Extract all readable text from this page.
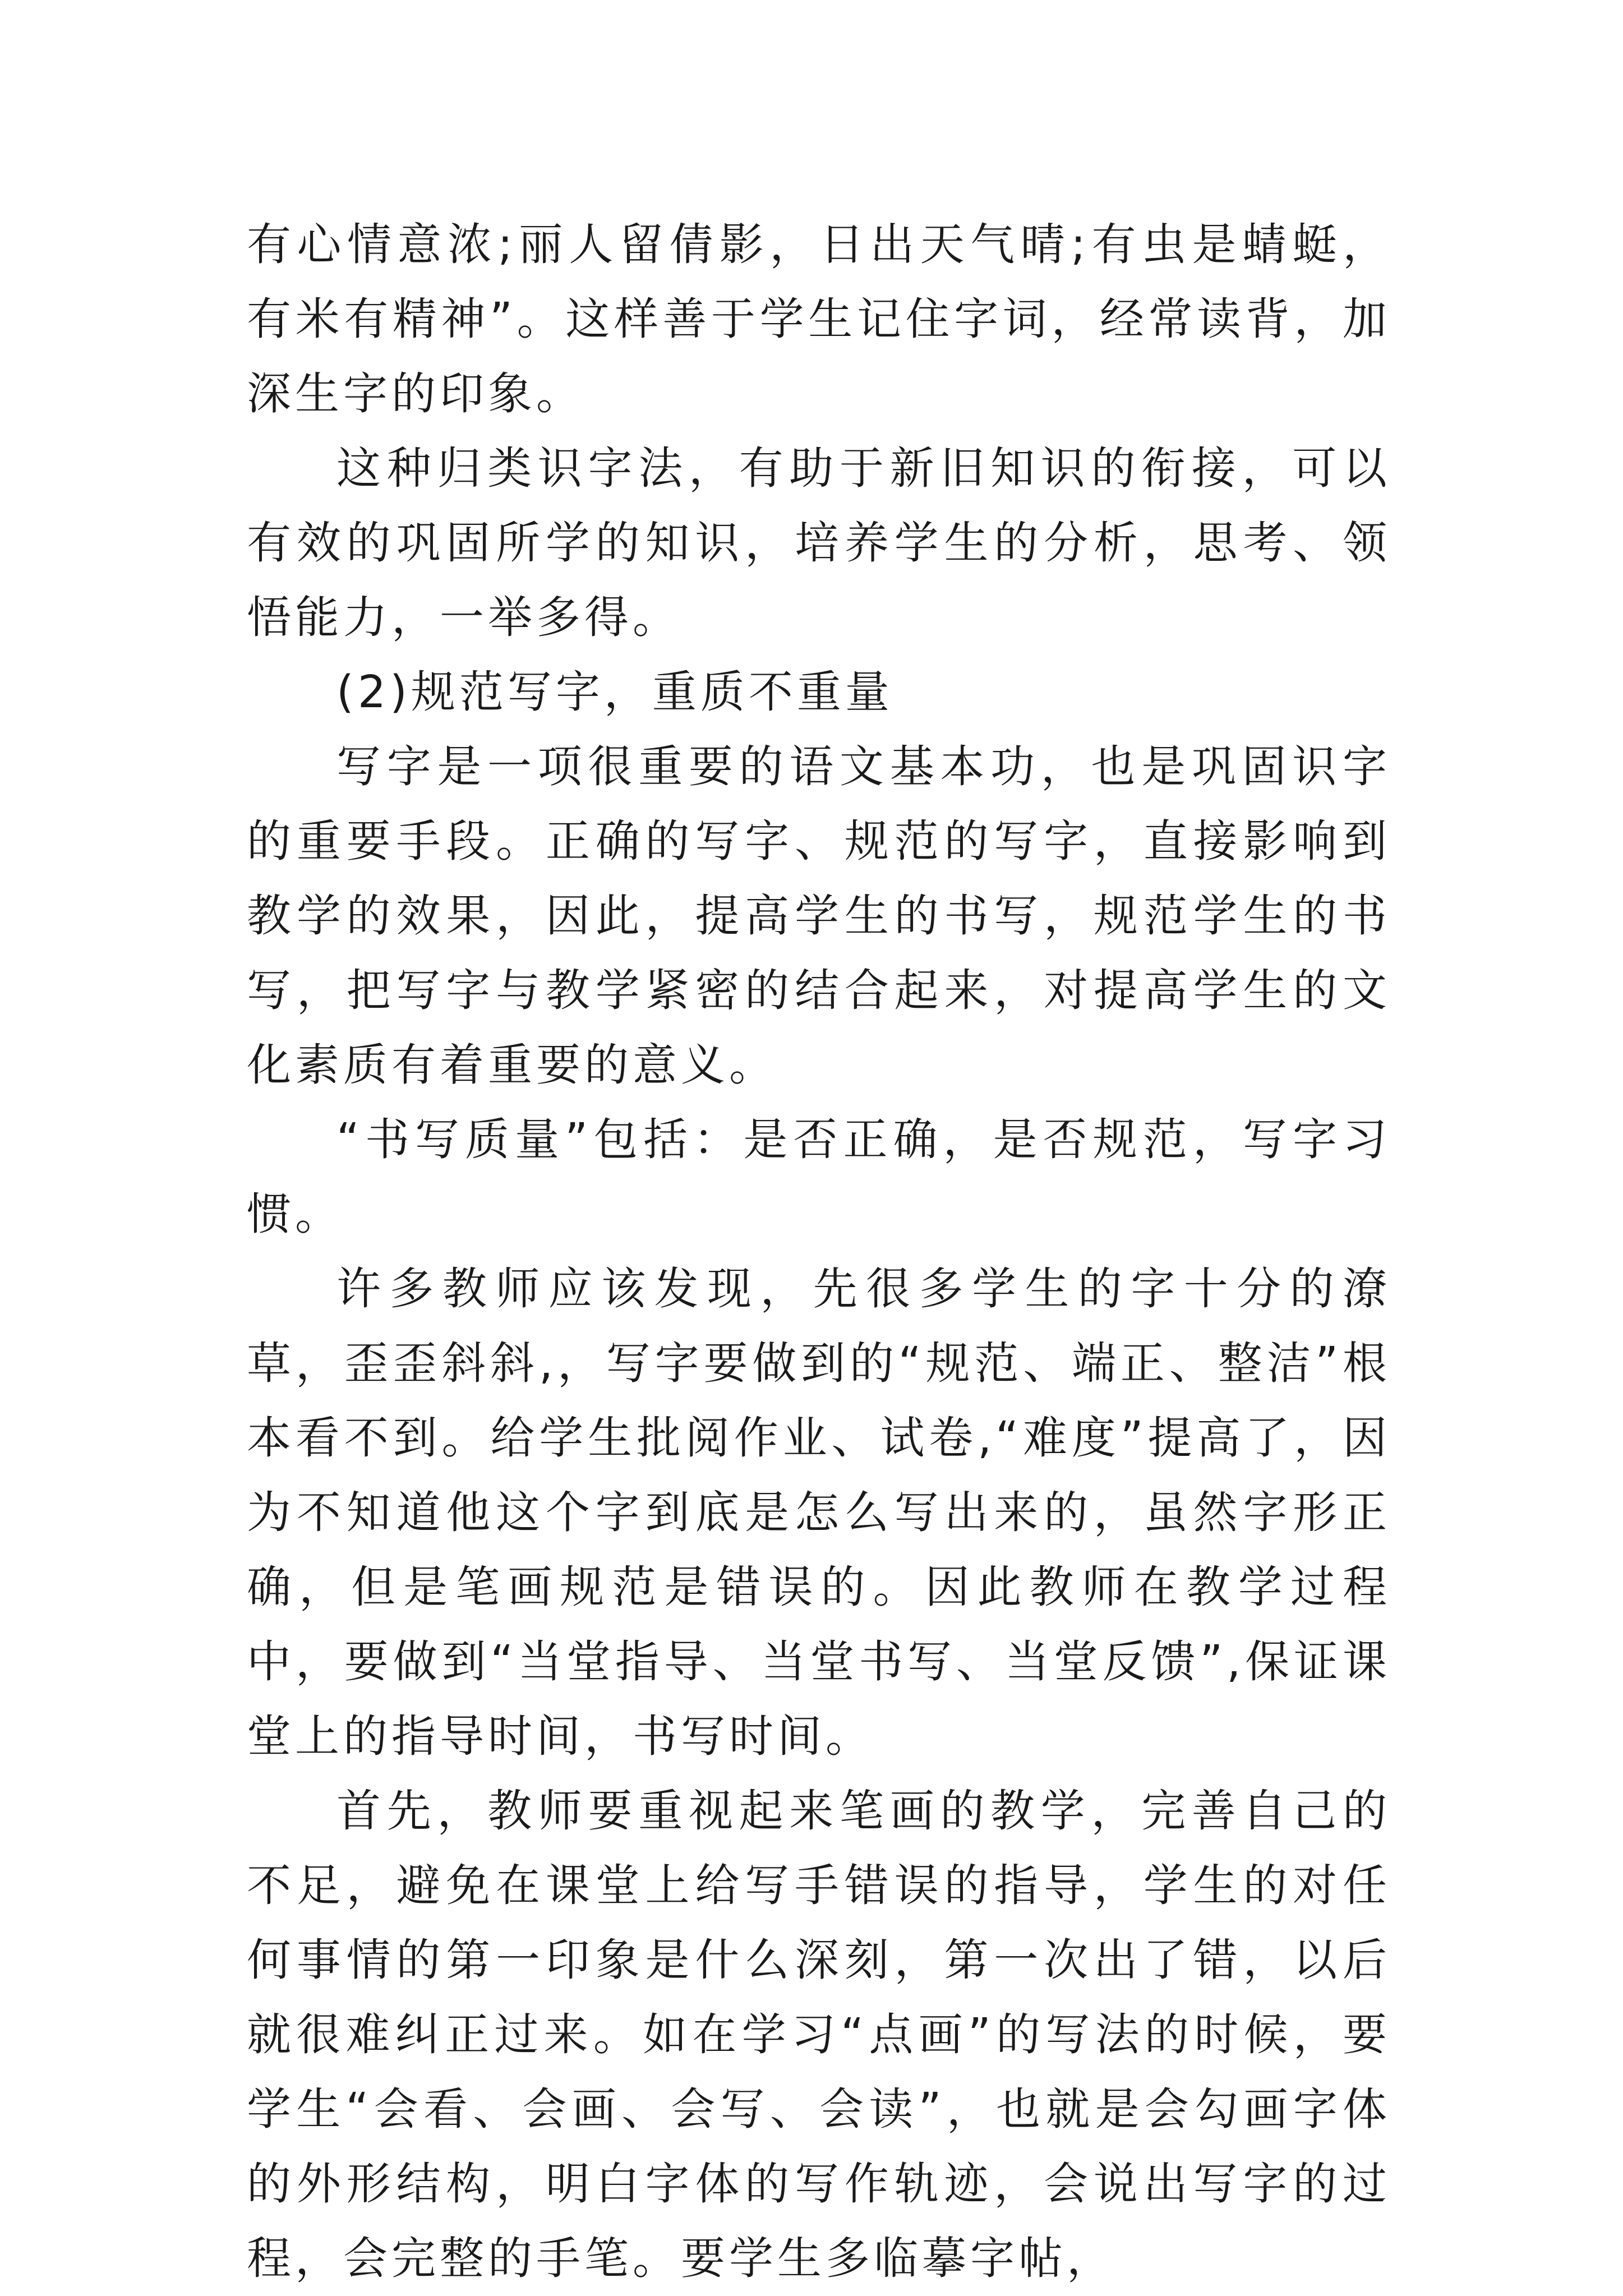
有心情意浓;丽人留倩影，日出天气晴;有虫是蜻蜓，有米有精神”。这样善于学生记住字词，经常读背，加深生字的印象。

这种归类识字法，有助于新旧知识的衔接，可以有效的巩固所学的知识，培养学生的分析，思考、领悟能力，一举多得。

(2)规范写字，重质不重量

写字是一项很重要的语文基本功，也是巩固识字的重要手段。正确的写字、规范的写字，直接影响到教学的效果，因此，提高学生的书写，规范学生的书写，把写字与教学紧密的结合起来，对提高学生的文化素质有着重要的意义。

“书写质量”包括：是否正确，是否规范，写字习惯。

许多教师应该发现，先很多学生的字十分的潦草，歪歪斜斜,，写字要做到的“规范、端正、整洁”根本看不到。给学生批阅作业、试卷,“难度”提高了，因为不知道他这个字到底是怎么写出来的，虽然字形正确，但是笔画规范是错误的。因此教师在教学过程中，要做到“当堂指导、当堂书写、当堂反馈”,保证课堂上的指导时间，书写时间。

首先，教师要重视起来笔画的教学，完善自己的不足，避免在课堂上给写手错误的指导，学生的对任何事情的第一印象是什么深刻，第一次出了错，以后就很难纠正过来。如在学习“点画”的写法的时候，要学生“会看、会画、会写、会读”，也就是会勾画字体的外形结构，明白字体的写作轨迹，会说出写字的过程，会完整的手笔。要学生多临摹字帖，
